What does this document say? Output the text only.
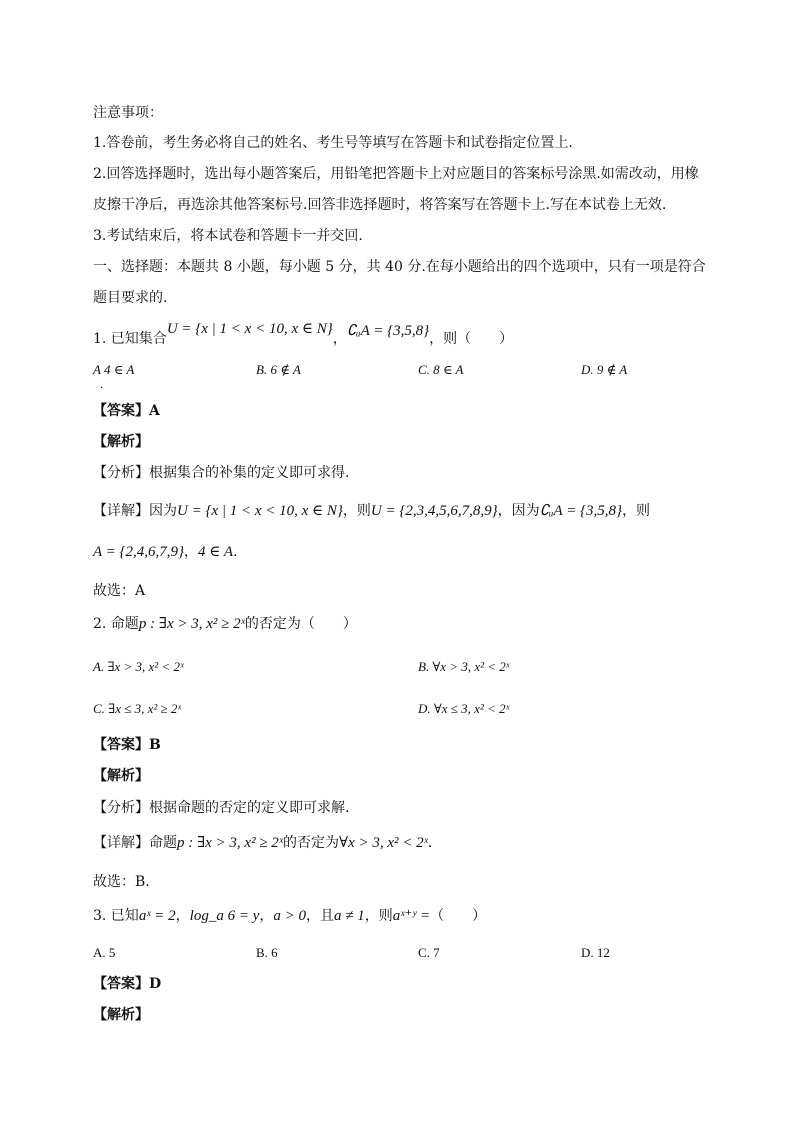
注意事项：
1.答卷前，考生务必将自己的姓名、考生号等填写在答题卡和试卷指定位置上.
2.回答选择题时，选出每小题答案后，用铅笔把答题卡上对应题目的答案标号涂黑.如需改动，用橡
皮擦干净后，再选涂其他答案标号.回答非选择题时，将答案写在答题卡上.写在本试卷上无效.
3.考试结束后，将本试卷和答题卡一并交回.
一、选择题：本题共 8 小题，每小题 5 分，共 40 分.在每小题给出的四个选项中，只有一项是符合
题目要求的.
1. 已知集合U = {x | 1 < x < 10, x ∈ N}，∁ᵤA = {3,5,8}，则（　　）
A 4 ∈ A	B. 6 ∉ A	C. 8 ∈ A	D. 9 ∉ A
·
【答案】A
【解析】
【分析】根据集合的补集的定义即可求得.
【详解】因为U = {x | 1 < x < 10, x ∈ N}，则U = {2,3,4,5,6,7,8,9}，因为∁ᵤA = {3,5,8}，则
A = {2,4,6,7,9}，4 ∈ A.
故选：A
2. 命题p : ∃x > 3, x² ≥ 2ˣ的否定为（　　）
A. ∃x > 3, x² < 2ˣ	B. ∀x > 3, x² < 2ˣ
C. ∃x ≤ 3, x² ≥ 2ˣ	D. ∀x ≤ 3, x² < 2ˣ
【答案】B
【解析】
【分析】根据命题的否定的定义即可求解.
【详解】命题p : ∃x > 3, x² ≥ 2ˣ的否定为∀x > 3, x² < 2ˣ.
故选：B.
3. 已知aˣ = 2，log_a 6 = y，a > 0，且a ≠ 1，则aˣ⁺ʸ =（　　）
A. 5	B. 6	C. 7	D. 12
【答案】D
【解析】
